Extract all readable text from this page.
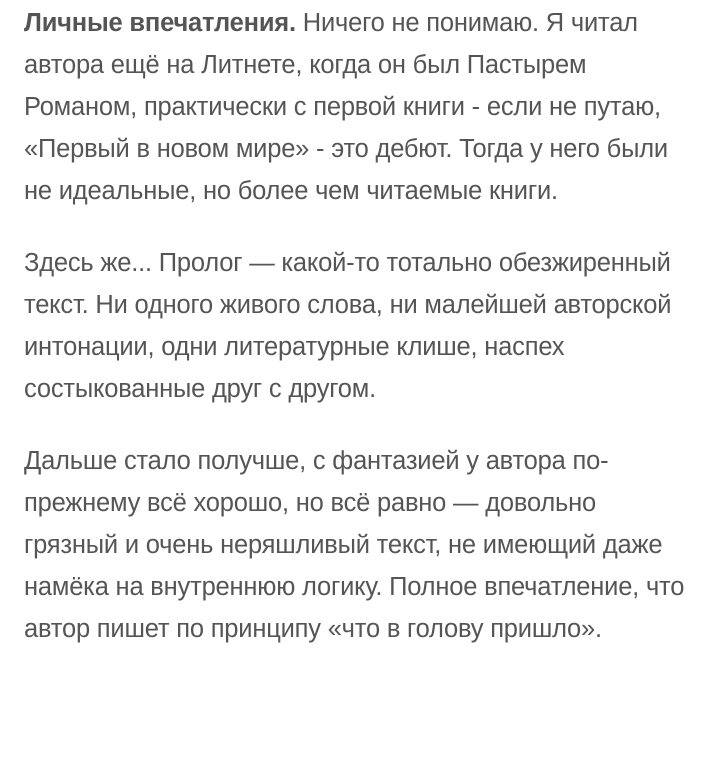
Личные впечатления. Ничего не понимаю. Я читал автора ещё на Литнете, когда он был Пастырем Романом, практически с первой книги - если не путаю, «Первый в новом мире» - это дебют. Тогда у него были не идеальные, но более чем читаемые книги.

Здесь же... Пролог — какой-то тотально обезжиренный текст. Ни одного живого слова, ни малейшей авторской интонации, одни литературные клише, наспех состыкованные друг с другом.

Дальше стало получше, с фантазией у автора по-прежнему всё хорошо, но всё равно — довольно грязный и очень неряшливый текст, не имеющий даже намёка на внутреннюю логику. Полное впечатление, что автор пишет по принципу «что в голову пришло».
